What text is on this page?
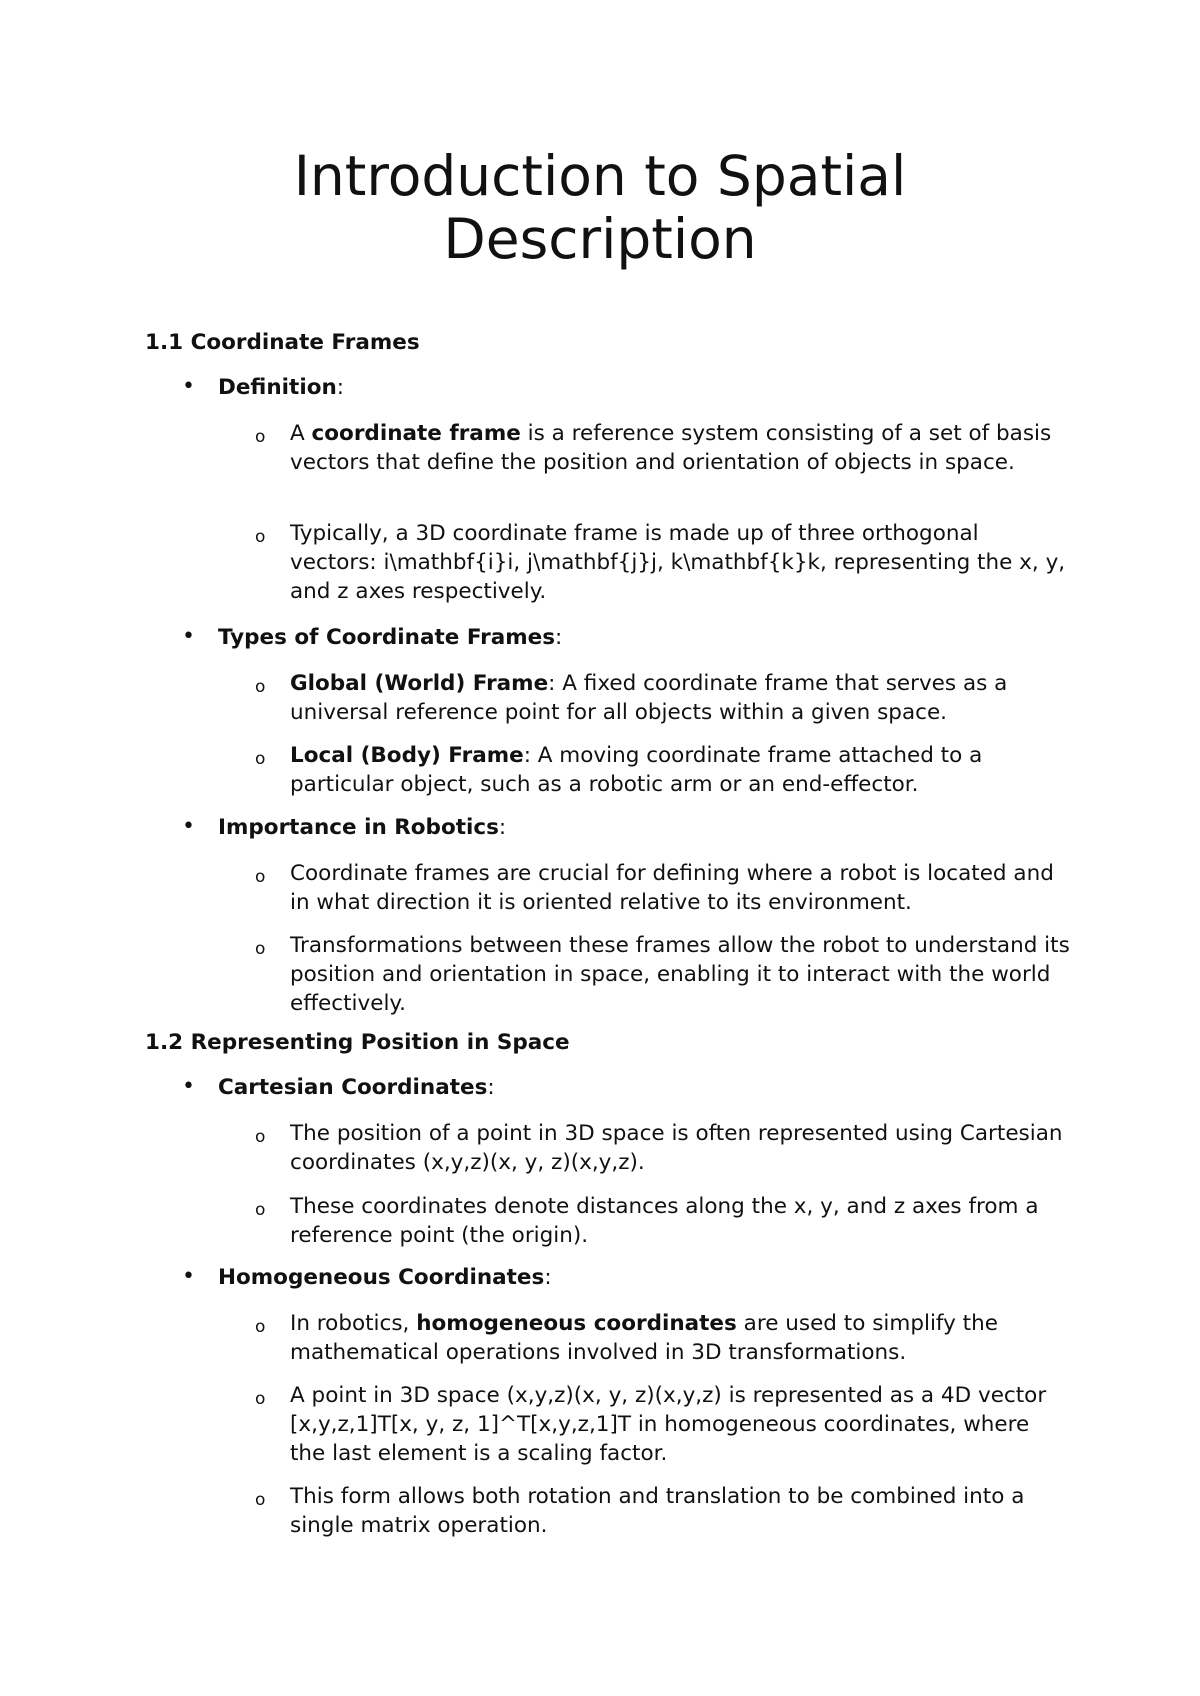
Introduction to Spatial Description
1.1 Coordinate Frames
• Definition:
o A coordinate frame is a reference system consisting of a set of basis vectors that define the position and orientation of objects in space.
o Typically, a 3D coordinate frame is made up of three orthogonal vectors: i\mathbf{i}i, j\mathbf{j}j, k\mathbf{k}k, representing the x, y, and z axes respectively.
• Types of Coordinate Frames:
o Global (World) Frame: A fixed coordinate frame that serves as a universal reference point for all objects within a given space.
o Local (Body) Frame: A moving coordinate frame attached to a particular object, such as a robotic arm or an end-effector.
• Importance in Robotics:
o Coordinate frames are crucial for defining where a robot is located and in what direction it is oriented relative to its environment.
o Transformations between these frames allow the robot to understand its position and orientation in space, enabling it to interact with the world effectively.
1.2 Representing Position in Space
• Cartesian Coordinates:
o The position of a point in 3D space is often represented using Cartesian coordinates (x,y,z)(x, y, z)(x,y,z).
o These coordinates denote distances along the x, y, and z axes from a reference point (the origin).
• Homogeneous Coordinates:
o In robotics, homogeneous coordinates are used to simplify the mathematical operations involved in 3D transformations.
o A point in 3D space (x,y,z)(x, y, z)(x,y,z) is represented as a 4D vector [x,y,z,1]T[x, y, z, 1]^T[x,y,z,1]T in homogeneous coordinates, where the last element is a scaling factor.
o This form allows both rotation and translation to be combined into a single matrix operation.
